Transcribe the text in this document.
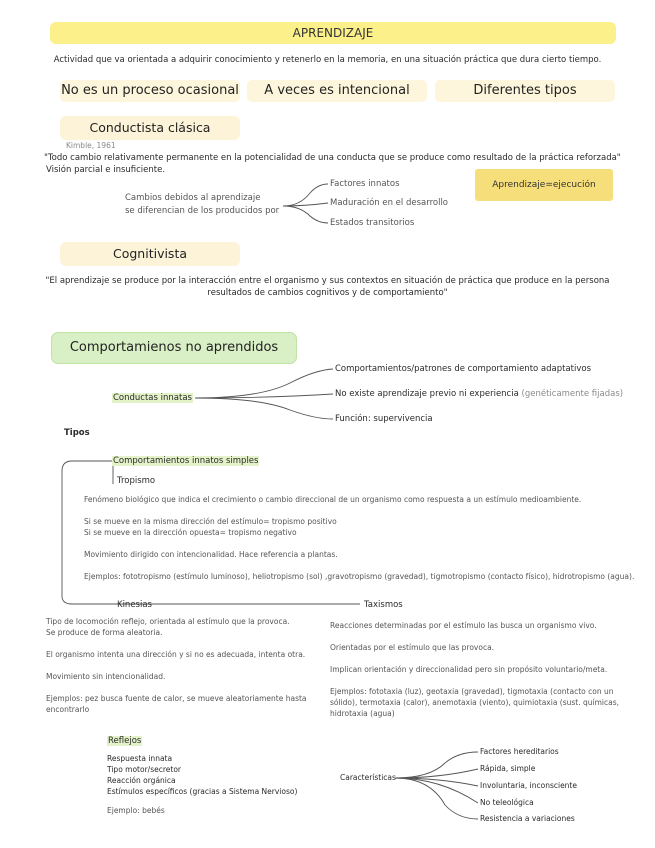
APRENDIZAJE
Actividad que va orientada a adquirir conocimiento y retenerlo en la memoria, en una situación práctica que dura cierto tiempo.
No es un proceso ocasional	A veces es intencional	Diferentes tipos
Conductista clásica
Kimble, 1961
"Todo cambio relativamente permanente en la potencialidad de una conducta que se produce como resultado de la práctica reforzada"
Visión parcial e insuficiente.
Cambios debidos al aprendizaje
se diferencian de los producidos por
Factores innatos
Maduración en el desarrollo
Estados transitorios
Aprendizaje=ejecución
Cognitivista
"El aprendizaje se produce por la interacción entre el organismo y sus contextos en situación de práctica que produce en la persona
resultados de cambios cognitivos y de comportamiento"
Comportamienos no aprendidos
Conductas innatas
Comportamientos/patrones de comportamiento adaptativos
No existe aprendizaje previo ni experiencia (genéticamente fijadas)
Función: supervivencia
Tipos
Comportamientos innatos simples
Tropismo
Fenómeno biológico que indica el crecimiento o cambio direccional de un organismo como respuesta a un estímulo medioambiente.
Si se mueve en la misma dirección del estímulo= tropismo positivo
Si se mueve en la dirección opuesta= tropismo negativo
Movimiento dirigido con intencionalidad. Hace referencia a plantas.
Ejemplos: fototropismo (estímulo luminoso), heliotropismo (sol) ,gravotropismo (gravedad), tigmotropismo (contacto físico), hidrotropismo (agua).
Kinesias
Tipo de locomoción reflejo, orientada al estímulo que la provoca.
Se produce de forma aleatoria.
El organismo intenta una dirección y si no es adecuada, intenta otra.
Movimiento sin intencionalidad.
Ejemplos: pez busca fuente de calor, se mueve aleatoriamente hasta
encontrarlo
Taxismos
Reacciones determinadas por el estímulo las busca un organismo vivo.
Orientadas por el estímulo que las provoca.
Implican orientación y direccionalidad pero sin propósito voluntario/meta.
Ejemplos: fototaxia (luz), geotaxia (gravedad), tigmotaxia (contacto con un
sólido), termotaxia (calor), anemotaxia (viento), quimiotaxia (sust. químicas,
hidrotaxia (agua)
Reflejos
Respuesta innata
Tipo motor/secretor
Reacción orgánica
Estímulos específicos (gracias a Sistema Nervioso)
Ejemplo: bebés
Características
Factores hereditarios
Rápida, simple
Involuntaria, inconsciente
No teleológica
Resistencia a variaciones
